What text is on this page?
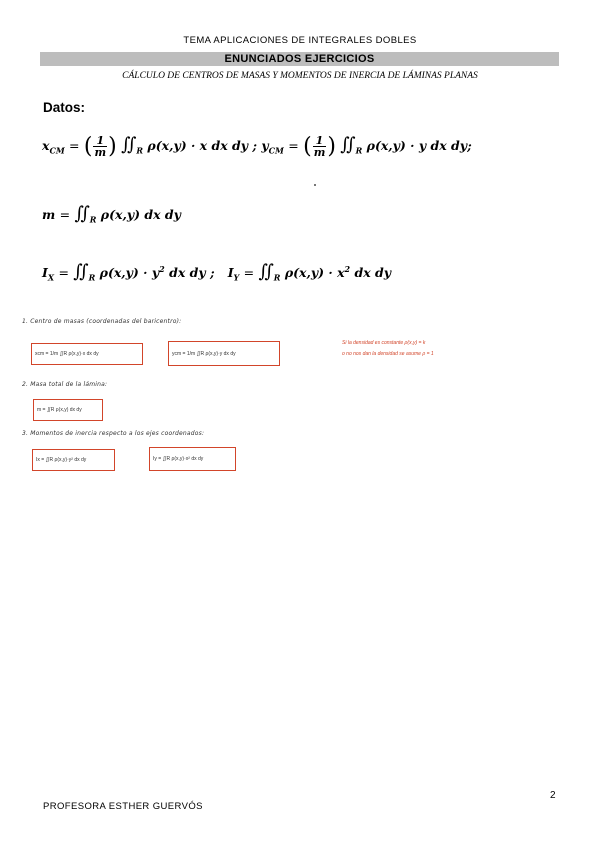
TEMA APLICACIONES DE INTEGRALES DOBLES
ENUNCIADOS EJERCICIOS
CÁLCULO DE CENTROS DE MASAS Y MOMENTOS DE INERCIA DE LÁMINAS PLANAS
Datos:
$x_{CM}$ = ( $\frac{1}{m}$ ) $∬_R$ ρ(x,y) · x dx dy ; $y_{CM}$ = ( $\frac{1}{m}$ ) $∬_R$ ρ(x,y) · y dx dy;
$m = ∬_R$ ρ(x,y) dx dy
$I_X$ = $∬_R$ $\rho(x,y) \cdot y^2$ dx dy ; $I_Y$ = $∬_R$ $\rho(x,y) \cdot x^2$ dx dy
1. Centro de masas (coordenadas del baricentro):
xcm = 1/m ∬R ρ(x,y)·x dx dy	ycm = 1/m ∬R ρ(x,y)·y dx dy
Si la densidad es constante ρ(x,y) = k
o no nos dan la densidad se asume ρ = 1
2. Masa total de la lámina:
m = ∬R ρ(x,y) dx dy
3. Momentos de inercia respecto a los ejes coordenados:
Ix = ∬R ρ(x,y)·y² dx dy	Iy = ∬R ρ(x,y)·x² dx dy
2
PROFESORA ESTHER GUERVÓS
